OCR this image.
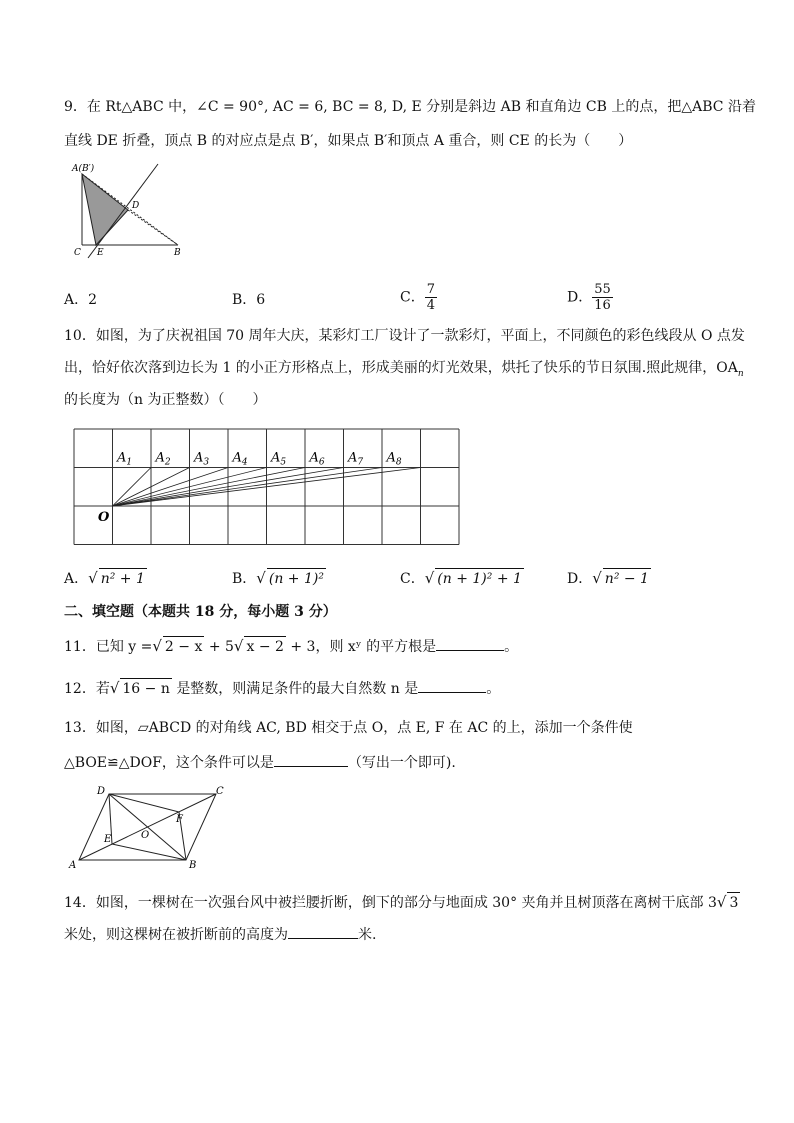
9．在 Rt△ABC 中，∠C = 90°, AC = 6, BC = 8, D, E 分别是斜边 AB 和直角边 CB 上的点，把△ABC 沿着
直线 DE 折叠，顶点 B 的对应点是点 B′，如果点 B′和顶点 A 重合，则 CE 的长为（　　）
A(B′)
D
C E	B
A．2	B．6	C． $\frac{7}{4}$	D． $\frac{55}{16}$
10．如图，为了庆祝祖国 70 周年大庆，某彩灯工厂设计了一款彩灯，平面上，不同颜色的彩色线段从 O 点发
出，恰好依次落到边长为 1 的小正方形格点上，形成美丽的灯光效果，烘托了快乐的节日氛围.照此规律，$OA_n$
的长度为（n 为正整数）（　　）
$A_1$ $A_2$ $A_3$ $A_4$ $A_5$ $A_6$ $A_7$ $A_8$
O
A．√ n² + 1	B．√ (n + 1)²	C．√ (n + 1)² + 1	D．√ n² − 1
二、填空题（本题共 18 分，每小题 3 分）
11．已知 y =√ 2 − x + 5√ x − 2 + 3，则 xʸ 的平方根是	。
12．若√ 16 − n 是整数，则满足条件的最大自然数 n 是	。
13．如图，▱ABCD 的对角线 AC, BD 相交于点 O，点 E, F 在 AC 的上，添加一个条件使
△BOE≌△DOF，这个条件可以是	（写出一个即可).
A	B
C
D
E
F
O
14．如图，一棵树在一次强台风中被拦腰折断，倒下的部分与地面成 30° 夹角并且树顶落在离树干底部 3√ 3
米处，则这棵树在被折断前的高度为	米.
